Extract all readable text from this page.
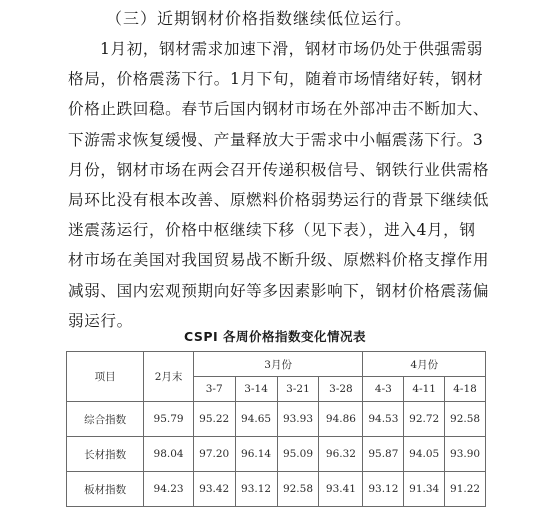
（三）近期钢材价格指数继续低位运行。
1月初，钢材需求加速下滑，钢材市场仍处于供强需弱
格局，价格震荡下行。1月下旬，随着市场情绪好转，钢材
价格止跌回稳。春节后国内钢材市场在外部冲击不断加大、
下游需求恢复缓慢、产量释放大于需求中小幅震荡下行。3
月份，钢材市场在两会召开传递积极信号、钢铁行业供需格
局环比没有根本改善、原燃料价格弱势运行的背景下继续低
迷震荡运行，价格中枢继续下移（见下表），进入4月，钢
材市场在美国对我国贸易战不断升级、原燃料价格支撑作用
减弱、国内宏观预期向好等多因素影响下，钢材价格震荡偏
弱运行。
CSPI 各周价格指数变化情况表
项目	2月末	3月份				4月份		
		3-7	3-14	3-21	3-28	4-3	4-11	4-18
综合指数	95.79	95.22	94.65	93.93	94.86	94.53	92.72	92.58
长材指数	98.04	97.20	96.14	95.09	96.32	95.87	94.05	93.90
板材指数	94.23	93.42	93.12	92.58	93.41	93.12	91.34	91.22
